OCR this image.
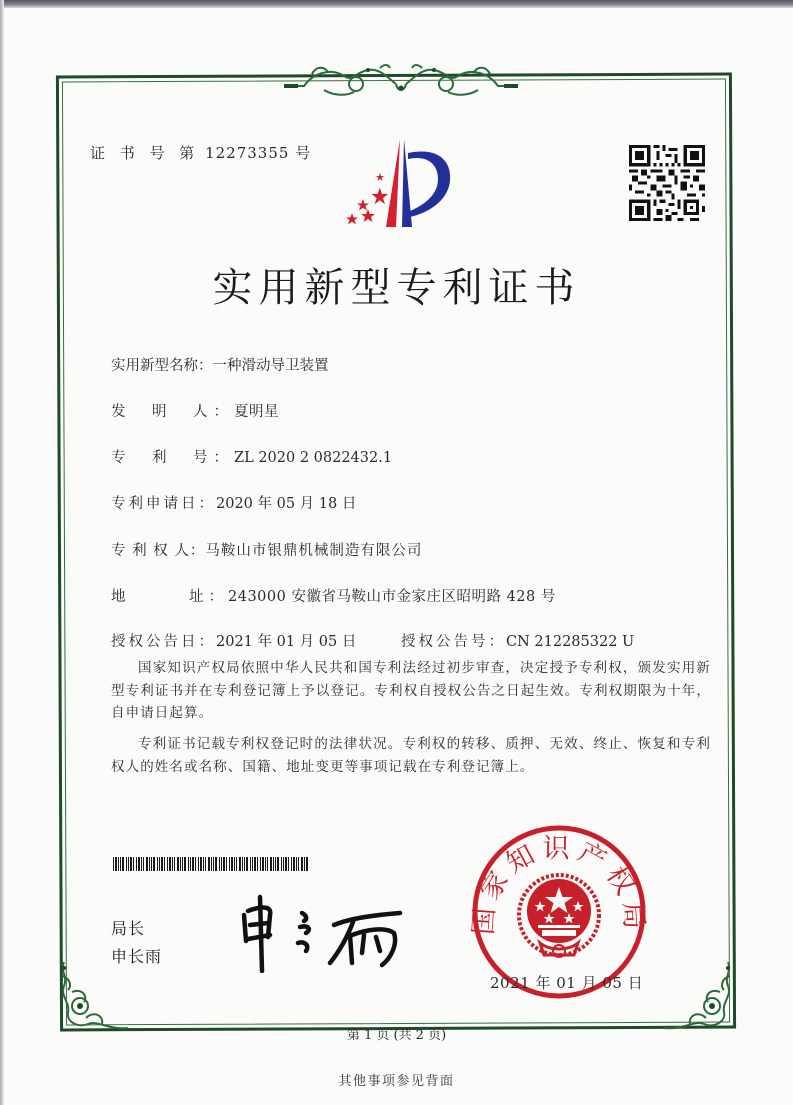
证 书 号 第 12273355 号
实用新型专利证书
实用新型名称：一种滑动导卫装置
发　明　人：夏明星
专　利　号：ZL 2020 2 0822432.1
专利申请日：2020 年 05 月 18 日
专 利 权 人：马鞍山市银鼎机械制造有限公司
地　　　址：243000 安徽省马鞍山市金家庄区昭明路 428 号
授权公告日：2021 年 01 月 05 日	授权公告号：CN 212285322 U
国家知识产权局依照中华人民共和国专利法经过初步审查，决定授予专利权，颁发实用新型专利证书并在专利登记簿上予以登记。专利权自授权公告之日起生效。专利权期限为十年，自申请日起算。
专利证书记载专利权登记时的法律状况。专利权的转移、质押、无效、终止、恢复和专利权人的姓名或名称、国籍、地址变更等事项记载在专利登记簿上。
局长
申长雨
国家知识产权局
2021 年 01 月 05 日
第 1 页 (共 2 页)
其他事项参见背面
